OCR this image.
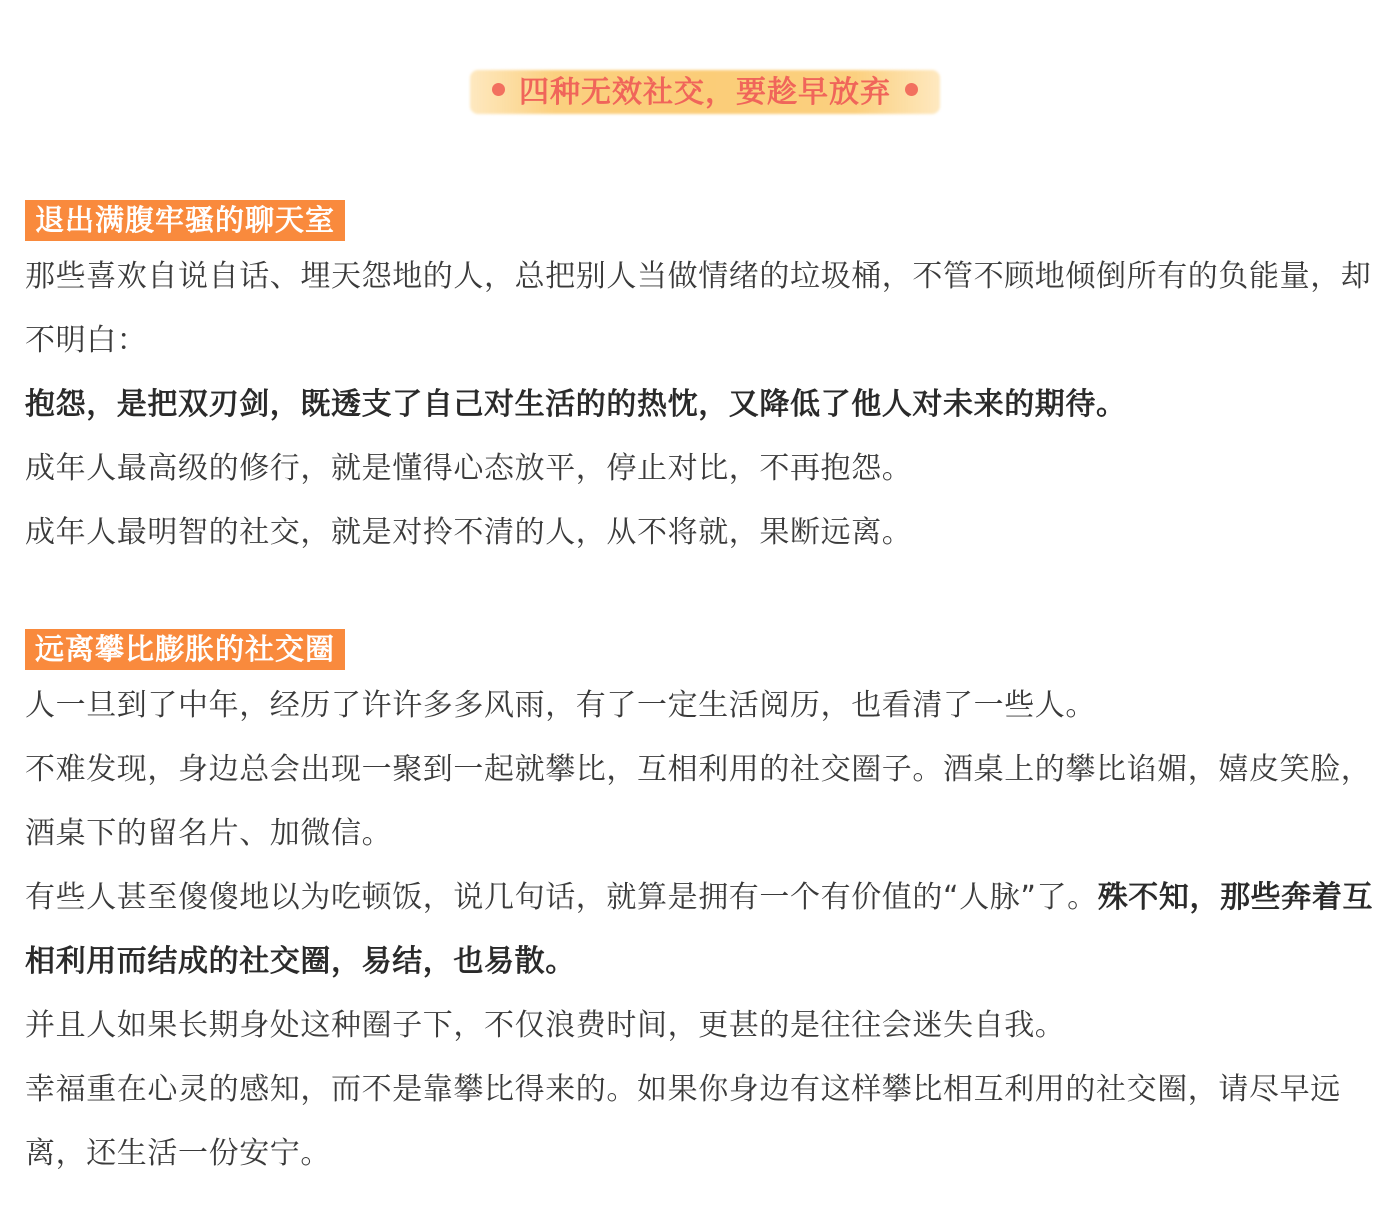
四种无效社交，要趁早放弃
退出满腹牢骚的聊天室

那些喜欢自说自话、埋天怨地的人，总把别人当做情绪的垃圾桶，不管不顾地倾倒所有的负能量，却不明白：

抱怨，是把双刃剑，既透支了自己对生活的的热忱，又降低了他人对未来的期待。

成年人最高级的修行，就是懂得心态放平，停止对比，不再抱怨。

成年人最明智的社交，就是对拎不清的人，从不将就，果断远离。

远离攀比膨胀的社交圈

人一旦到了中年，经历了许许多多风雨，有了一定生活阅历，也看清了一些人。

不难发现，身边总会出现一聚到一起就攀比，互相利用的社交圈子。酒桌上的攀比谄媚，嬉皮笑脸，酒桌下的留名片、加微信。

有些人甚至傻傻地以为吃顿饭，说几句话，就算是拥有一个有价值的“人脉”了。殊不知，那些奔着互相利用而结成的社交圈，易结，也易散。

并且人如果长期身处这种圈子下，不仅浪费时间，更甚的是往往会迷失自我。

幸福重在心灵的感知，而不是靠攀比得来的。如果你身边有这样攀比相互利用的社交圈，请尽早远离，还生活一份安宁。
